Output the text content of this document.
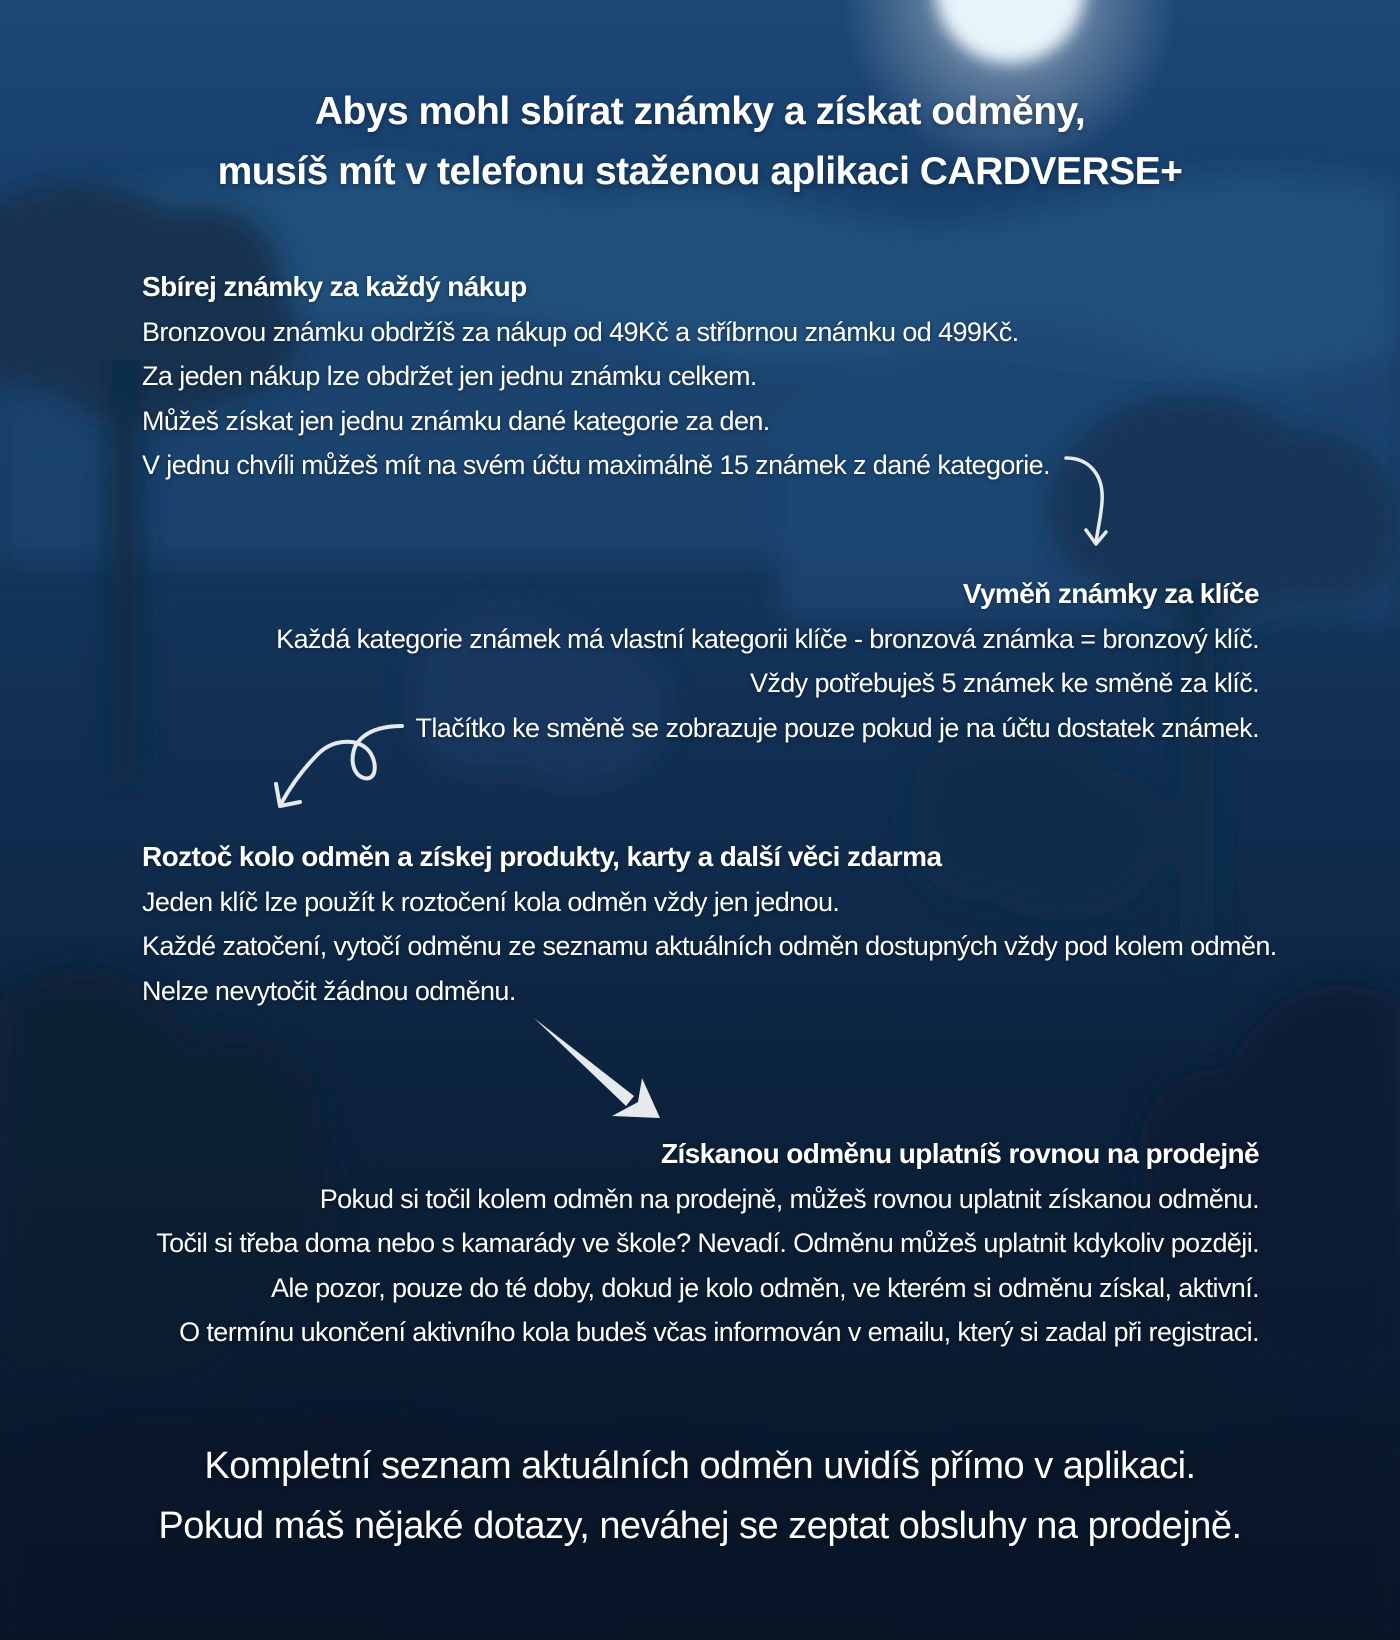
Abys mohl sbírat známky a získat odměny,
musíš mít v telefonu staženou aplikaci CARDVERSE+
Sbírej známky za každý nákup
Bronzovou známku obdržíš za nákup od 49Kč a stříbrnou známku od 499Kč.
Za jeden nákup lze obdržet jen jednu známku celkem.
Můžeš získat jen jednu známku dané kategorie za den.
V jednu chvíli můžeš mít na svém účtu maximálně 15 známek z dané kategorie.
Vyměň známky za klíče
Každá kategorie známek má vlastní kategorii klíče - bronzová známka = bronzový klíč.
Vždy potřebuješ 5 známek ke směně za klíč.
Tlačítko ke směně se zobrazuje pouze pokud je na účtu dostatek známek.
Roztoč kolo odměn a získej produkty, karty a další věci zdarma
Jeden klíč lze použít k roztočení kola odměn vždy jen jednou.
Každé zatočení, vytočí odměnu ze seznamu aktuálních odměn dostupných vždy pod kolem odměn.
Nelze nevytočit žádnou odměnu.
Získanou odměnu uplatníš rovnou na prodejně
Pokud si točil kolem odměn na prodejně, můžeš rovnou uplatnit získanou odměnu.
Točil si třeba doma nebo s kamarády ve škole? Nevadí. Odměnu můžeš uplatnit kdykoliv později.
Ale pozor, pouze do té doby, dokud je kolo odměn, ve kterém si odměnu získal, aktivní.
O termínu ukončení aktivního kola budeš včas informován v emailu, který si zadal při registraci.
Kompletní seznam aktuálních odměn uvidíš přímo v aplikaci.
Pokud máš nějaké dotazy, neváhej se zeptat obsluhy na prodejně.
